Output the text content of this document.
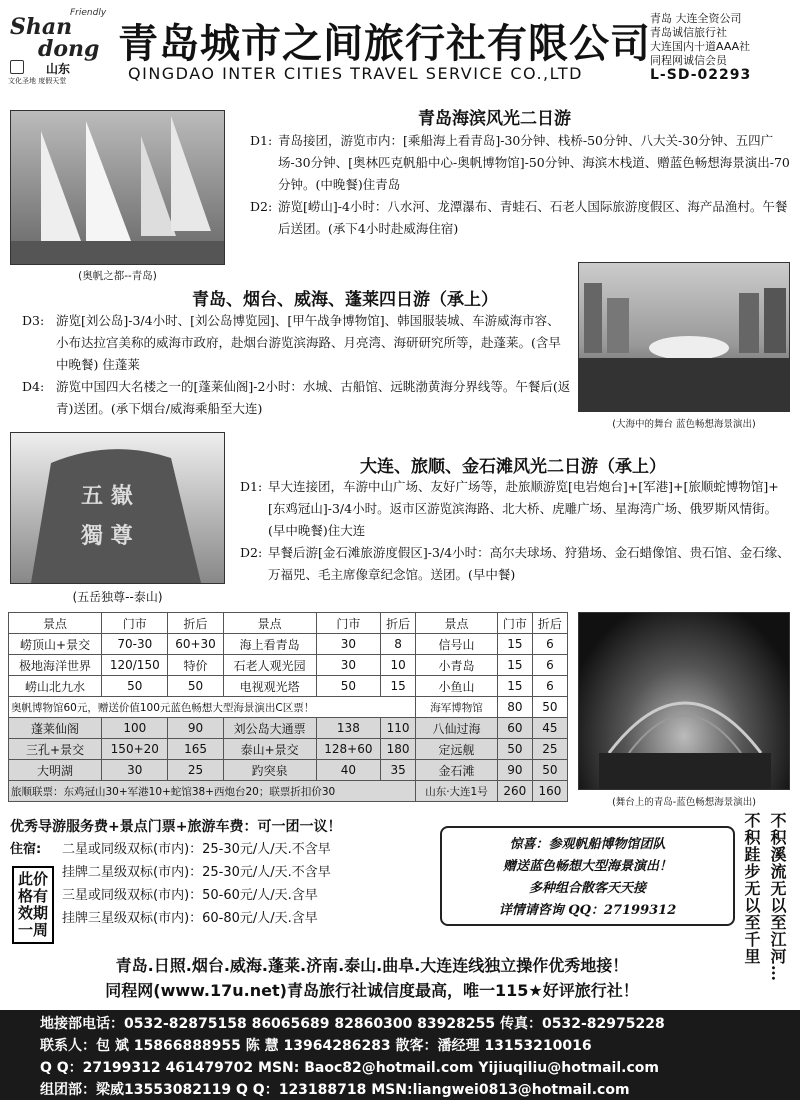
Friendly
Shan
dong
山东
文化圣地 度假天堂
青岛城市之间旅行社有限公司
QINGDAO INTER CITIES TRAVEL SERVICE CO.,LTD
青岛 大连全资公司
青岛诚信旅行社
大连国内十道AAA社
同程网诚信会员
L-SD-02293
(奥帆之都--青岛)
青岛海滨风光二日游
D1: 青岛接团，游览市内：[乘船海上看青岛]-30分钟、栈桥-50分钟、八大关-30分钟、五四广场-30分钟、[奥林匹克帆船中心-奥帆博物馆]-50分钟、海滨木栈道、赠蓝色畅想海景演出-70分钟。(中晚餐)住青岛
D2: 游览[崂山]-4小时：八水河、龙潭瀑布、青蛙石、石老人国际旅游度假区、海产品渔村。午餐后送团。(承下4小时赴威海住宿)
青岛、烟台、威海、蓬莱四日游（承上）
(大海中的舞台 蓝色畅想海景演出)
D3: 游览[刘公岛]-3/4小时、[刘公岛博览园]、[甲午战争博物馆]、韩国服装城、车游威海市容、小布达拉宫美称的威海市政府，赴烟台游览滨海路、月亮湾、海研研究所等，赴蓬莱。(含早中晚餐) 住蓬莱
D4: 游览中国四大名楼之一的[蓬莱仙阁]-2小时：水城、古船馆、远眺渤黄海分界线等。午餐后(返青)送团。(承下烟台/威海乘船至大连)
五 嶽
獨 尊
(五岳独尊--泰山)
大连、旅顺、金石滩风光二日游（承上）
D1: 早大连接团，车游中山广场、友好广场等，赴旅顺游览[电岩炮台]+[军港]+[旅顺蛇博物馆]+[东鸡冠山]-3/4小时。返市区游览滨海路、北大桥、虎雕广场、星海湾广场、俄罗斯风情街。(早中晚餐)住大连
D2: 早餐后游[金石滩旅游度假区]-3/4小时：高尔夫球场、狩猎场、金石蜡像馆、贵石馆、金石缘、万福兕、毛主席像章纪念馆。送团。(早中餐)
景点	门市	折后	景点	门市	折后	景点	门市	折后
崂顶山+景交	70-30	60+30	海上看青岛	30	8	信号山	15	6
极地海洋世界	120/150	特价	石老人观光园	30	10	小青岛	15	6
崂山北九水	50	50	电视观光塔	50	15	小鱼山	15	6
奥帆博物馆60元，赠送价值100元蓝色畅想大型海景演出C区票！						海军博物馆	80	50
蓬莱仙阁	100	90	刘公岛大通票	138	110	八仙过海	60	45
三孔+景交	150+20	165	泰山+景交	128+60	180	定远舰	50	25
大明湖	30	25	趵突泉	40	35	金石滩	90	50
旅顺联票：东鸡冠山30+军港10+蛇馆38+西炮台20；联票折扣价30						山东·大连1号	260	160
(舞台上的青岛-蓝色畅想海景演出)
优秀导游服务费+景点门票+旅游车费：可一团一议！
住宿: 二星或同级双标(市内)：25-30元/人/天.不含早
挂牌二星级双标(市内)：25-30元/人/天.不含早
三星或同级双标(市内)：50-60元/人/天.含早
挂牌三星级双标(市内)：60-80元/人/天.含早
此价
格有
效期
一周
惊喜：参观帆船博物馆团队
赠送蓝色畅想大型海景演出！
多种组合散客天天接
详情请咨询 QQ：27199312	不积跬步无以至千里 不积溪流无以至江河…
青岛.日照.烟台.威海.蓬莱.济南.泰山.曲阜.大连连线独立操作优秀地接！
同程网(www.17u.net)青岛旅行社诚信度最高，唯一115★好评旅行社！
地接部电话：0532-82875158 86065689 82860300 83928255 传真：0532-82975228
联系人：包 斌 15866888955 陈 慧 13964286283 散客：潘经理 13153210016
Q Q：27199312 461479702 MSN: Baoc82@hotmail.com Yijiuqiliu@hotmail.com
组团部：梁威13553082119 Q Q：123188718 MSN:liangwei0813@hotmail.com
